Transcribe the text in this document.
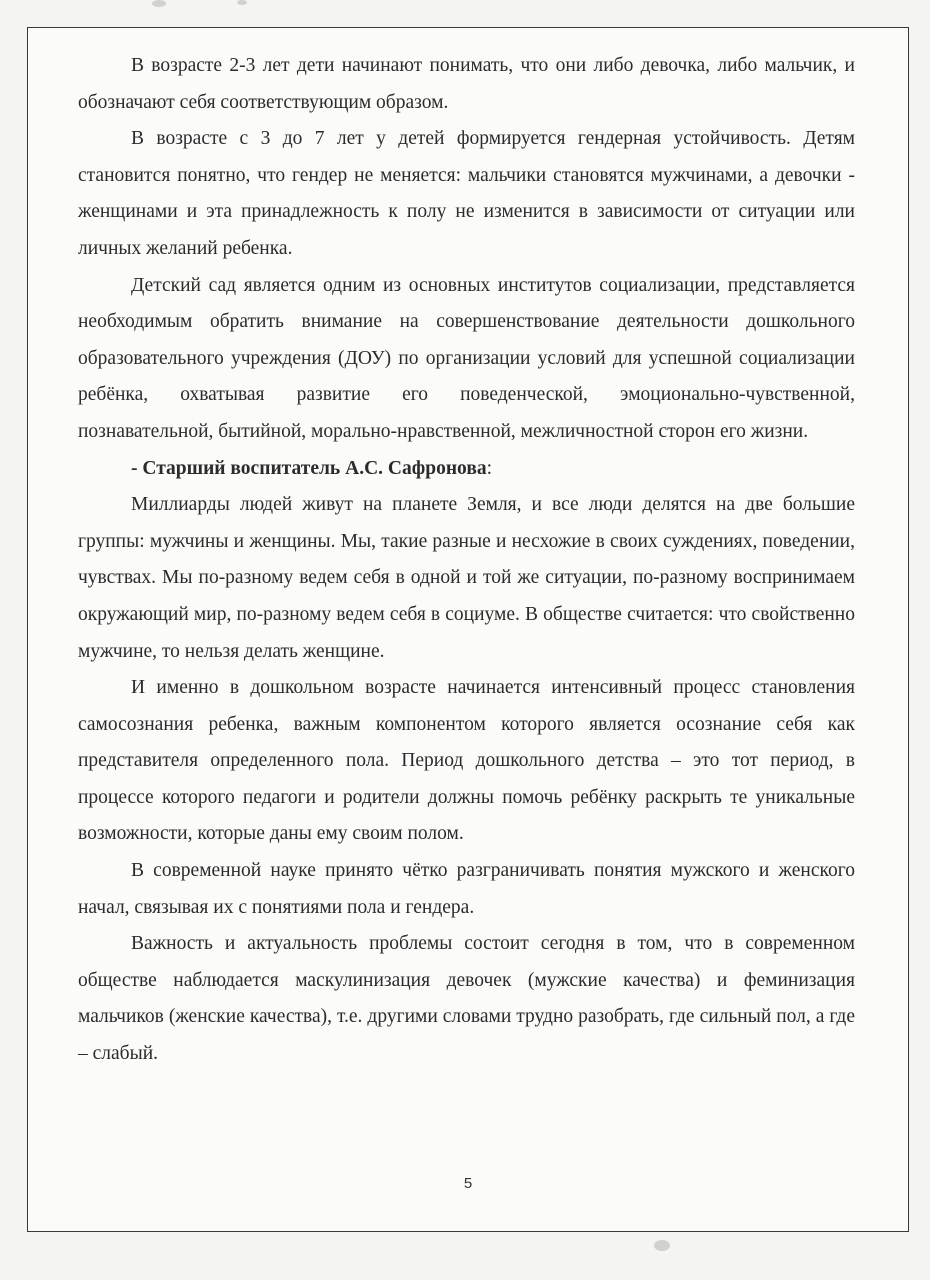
В возрасте 2-3 лет дети начинают понимать, что они либо девочка, либо мальчик, и обозначают себя соответствующим образом.

В возрасте с 3 до 7 лет у детей формируется гендерная устойчивость. Детям становится понятно, что гендер не меняется: мальчики становятся мужчинами, а девочки - женщинами и эта принадлежность к полу не изменится в зависимости от ситуации или личных желаний ребенка.

Детский сад является одним из основных институтов социализации, представляется необходимым обратить внимание на совершенствование деятельности дошкольного образовательного учреждения (ДОУ) по организации условий для успешной социализации ребёнка, охватывая развитие его поведенческой, эмоционально-чувственной, познавательной, бытийной, морально-нравственной, межличностной сторон его жизни.

- Старший воспитатель А.С. Сафронова:

Миллиарды людей живут на планете Земля, и все люди делятся на две большие группы: мужчины и женщины. Мы, такие разные и несхожие в своих суждениях, поведении, чувствах. Мы по-разному ведем себя в одной и той же ситуации, по-разному воспринимаем окружающий мир, по-разному ведем себя в социуме. В обществе считается: что свойственно мужчине, то нельзя делать женщине.

И именно в дошкольном возрасте начинается интенсивный процесс становления самосознания ребенка, важным компонентом которого является осознание себя как представителя определенного пола. Период дошкольного детства – это тот период, в процессе которого педагоги и родители должны помочь ребёнку раскрыть те уникальные возможности, которые даны ему своим полом.

В современной науке принято чётко разграничивать понятия мужского и женского начал, связывая их с понятиями пола и гендера.

Важность и актуальность проблемы состоит сегодня в том, что в современном обществе наблюдается маскулинизация девочек (мужские качества) и феминизация мальчиков (женские качества), т.е. другими словами трудно разобрать, где сильный пол, а где – слабый.

5
